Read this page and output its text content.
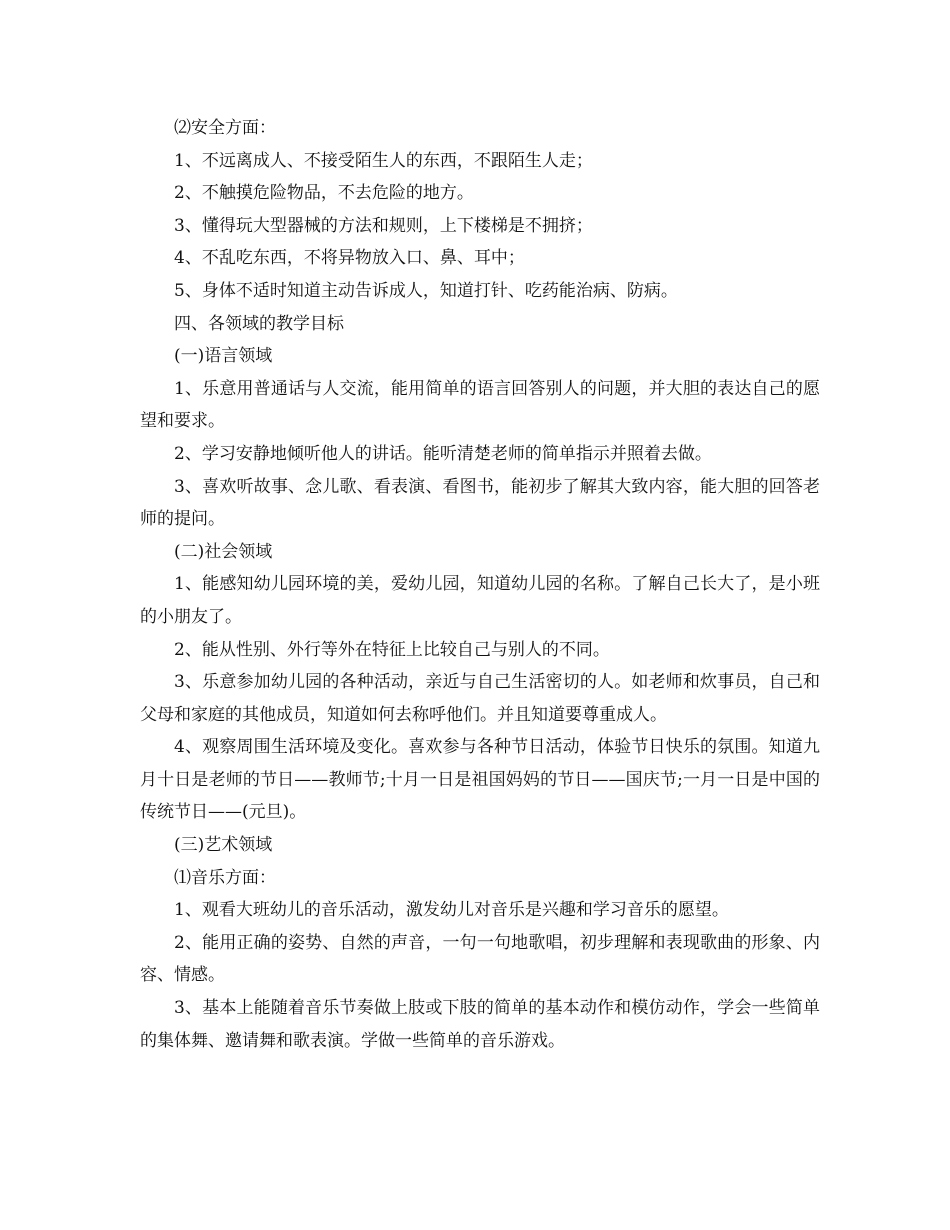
⑵安全方面：

1、不远离成人、不接受陌生人的东西，不跟陌生人走；

2、不触摸危险物品，不去危险的地方。

3、懂得玩大型器械的方法和规则，上下楼梯是不拥挤；

4、不乱吃东西，不将异物放入口、鼻、耳中；

5、身体不适时知道主动告诉成人，知道打针、吃药能治病、防病。

四、各领域的教学目标

(一)语言领域

1、乐意用普通话与人交流，能用简单的语言回答别人的问题，并大胆的表达自己的愿望和要求。

2、学习安静地倾听他人的讲话。能听清楚老师的简单指示并照着去做。

3、喜欢听故事、念儿歌、看表演、看图书，能初步了解其大致内容，能大胆的回答老师的提问。

(二)社会领域

1、能感知幼儿园环境的美，爱幼儿园，知道幼儿园的名称。了解自己长大了，是小班的小朋友了。

2、能从性别、外行等外在特征上比较自己与别人的不同。

3、乐意参加幼儿园的各种活动，亲近与自己生活密切的人。如老师和炊事员，自己和父母和家庭的其他成员，知道如何去称呼他们。并且知道要尊重成人。

4、观察周围生活环境及变化。喜欢参与各种节日活动，体验节日快乐的氛围。知道九月十日是老师的节日——教师节;十月一日是祖国妈妈的节日——国庆节;一月一日是中国的传统节日——(元旦)。

(三)艺术领域

⑴音乐方面：

1、观看大班幼儿的音乐活动，激发幼儿对音乐是兴趣和学习音乐的愿望。

2、能用正确的姿势、自然的声音，一句一句地歌唱，初步理解和表现歌曲的形象、内容、情感。

3、基本上能随着音乐节奏做上肢或下肢的简单的基本动作和模仿动作，学会一些简单的集体舞、邀请舞和歌表演。学做一些简单的音乐游戏。
